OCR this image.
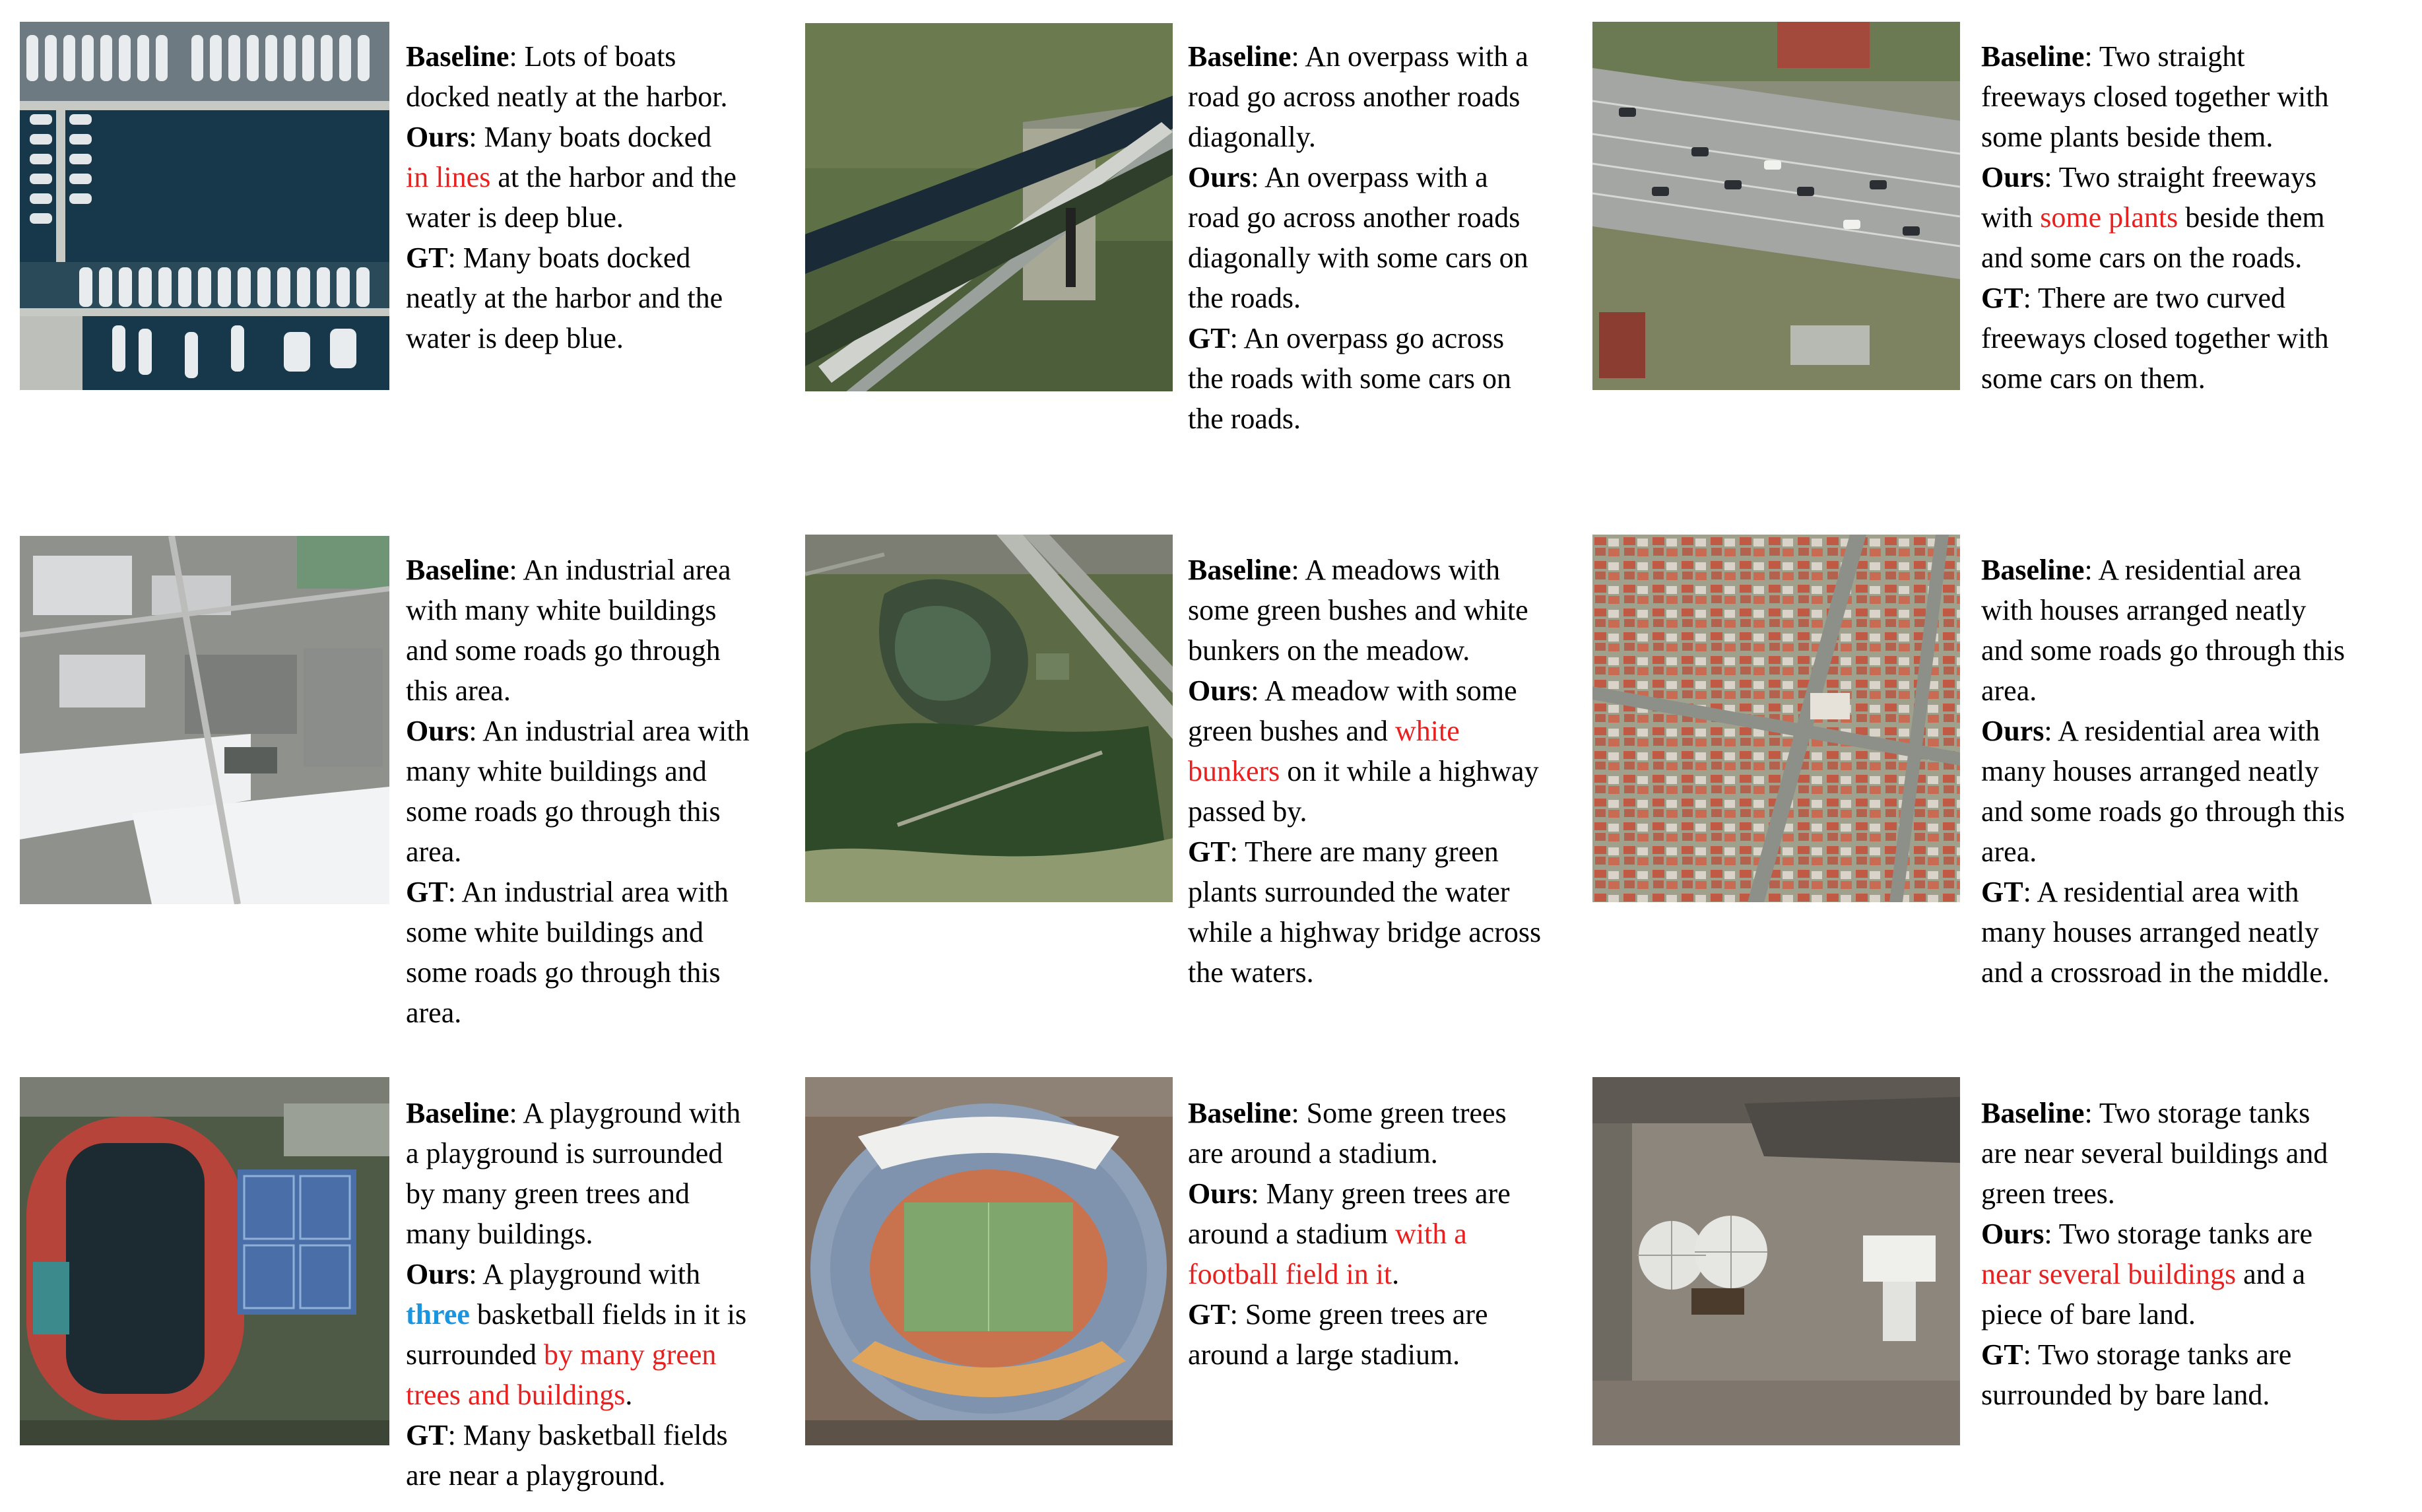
Baseline: Lots of boats
docked neatly at the harbor.
Ours: Many boats docked
in lines at the harbor and the
water is deep blue.
GT: Many boats docked
neatly at the harbor and the
water is deep blue.
Baseline: An overpass with a
road go across another roads
diagonally.
Ours: An overpass with a
road go across another roads
diagonally with some cars on
the roads.
GT: An overpass go across
the roads with some cars on
the roads.
Baseline: Two straight
freeways closed together with
some plants beside them.
Ours: Two straight freeways
with some plants beside them
and some cars on the roads.
GT: There are two curved
freeways closed together with
some cars on them.
Baseline: An industrial area
with many white buildings
and some roads go through
this area.
Ours: An industrial area with
many white buildings and
some roads go through this
area.
GT: An industrial area with
some white buildings and
some roads go through this
area.
Baseline: A meadows with
some green bushes and white
bunkers on the meadow.
Ours: A meadow with some
green bushes and white
bunkers on it while a highway
passed by.
GT: There are many green
plants surrounded the water
while a highway bridge across
the waters.
Baseline: A residential area
with houses arranged neatly
and some roads go through this
area.
Ours: A residential area with
many houses arranged neatly
and some roads go through this
area.
GT: A residential area with
many houses arranged neatly
and a crossroad in the middle.
Baseline: A playground with
a playground is surrounded
by many green trees and
many buildings.
Ours: A playground with
three basketball fields in it is
surrounded by many green
trees and buildings.
GT: Many basketball fields
are near a playground.
Baseline: Some green trees
are around a stadium.
Ours: Many green trees are
around a stadium with a
football field in it.
GT: Some green trees are
around a large stadium.
Baseline: Two storage tanks
are near several buildings and
green trees.
Ours: Two storage tanks are
near several buildings and a
piece of bare land.
GT: Two storage tanks are
surrounded by bare land.
